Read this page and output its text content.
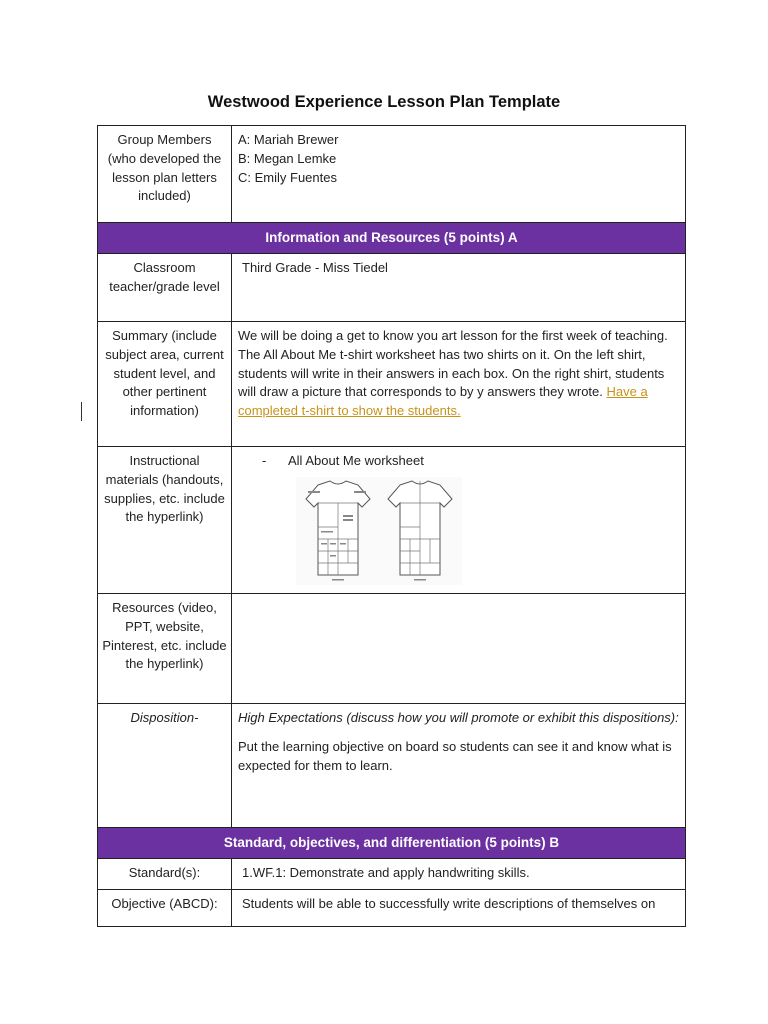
Westwood Experience Lesson Plan Template
Group Members (who developed the lesson plan letters included)	A: Mariah Brewer
B: Megan Lemke
C: Emily Fuentes

Information and Resources (5 points) A	
Classroom teacher/grade level	Third Grade - Miss Tiedel
Summary (include subject area, current student level, and other pertinent information)	We will be doing a get to know you art lesson for the first week of teaching. The All About Me t-shirt worksheet has two shirts on it. On the left shirt, students will write in their answers in each box. On the right shirt, students will draw a picture that corresponds to by y answers they wrote. Have a completed t-shirt to show the students.
Instructional materials (handouts, supplies, etc. include the hyperlink)	- All About Me worksheet

Resources (video, PPT, website, Pinterest, etc. include the hyperlink)	
Disposition-	High Expectations (discuss how you will promote or exhibit this dispositions):
Put the learning objective on board so students can see it and know what is expected for them to learn.

Standard, objectives, and differentiation (5 points) B	
Standard(s):	1.WF.1: Demonstrate and apply handwriting skills.
Objective (ABCD):	Students will be able to successfully write descriptions of themselves on
